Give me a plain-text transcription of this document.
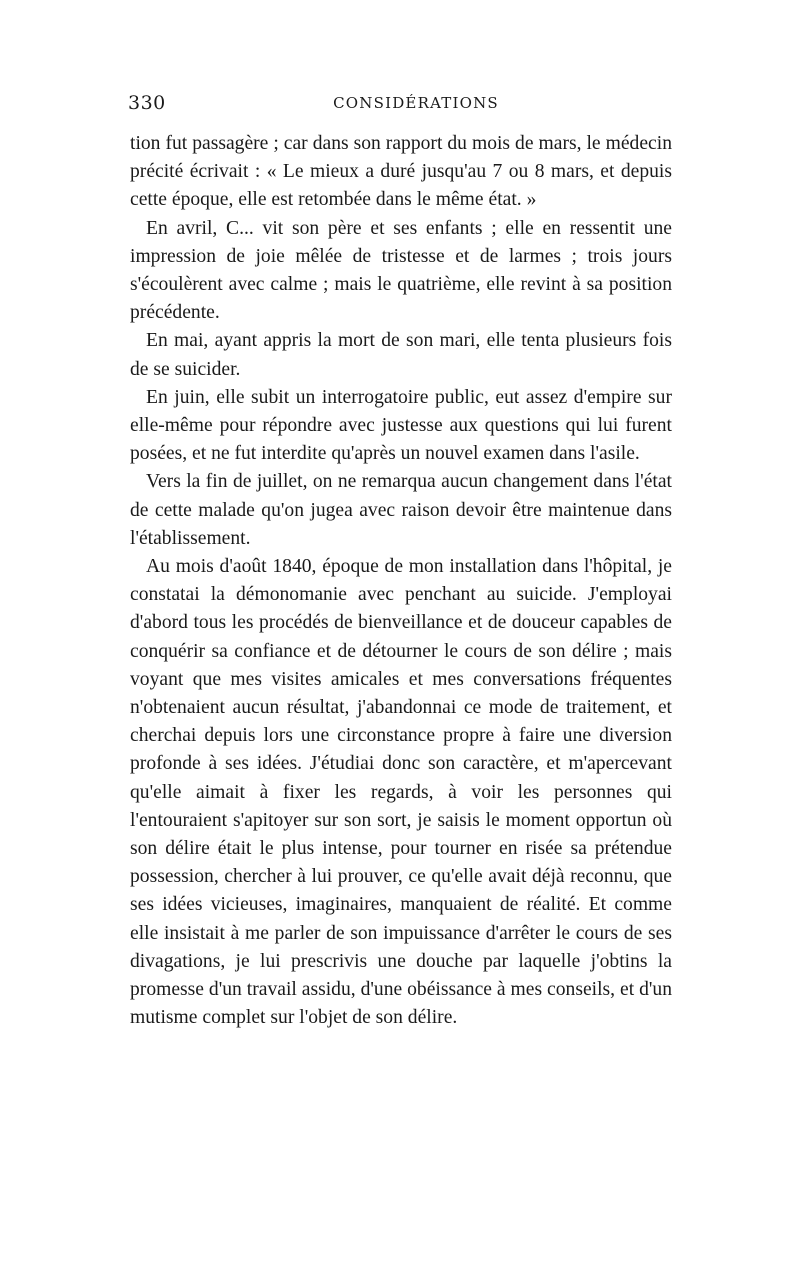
330	CONSIDÉRATIONS

tion fut passagère ; car dans son rapport du mois de mars, le médecin précité écrivait : « Le mieux a duré jusqu'au 7 ou 8 mars, et depuis cette époque, elle est retombée dans le même état. »

En avril, C... vit son père et ses enfants ; elle en ressentit une impression de joie mêlée de tristesse et de larmes ; trois jours s'écoulèrent avec calme ; mais le quatrième, elle revint à sa position précédente.

En mai, ayant appris la mort de son mari, elle tenta plusieurs fois de se suicider.

En juin, elle subit un interrogatoire public, eut assez d'empire sur elle-même pour répondre avec justesse aux questions qui lui furent posées, et ne fut interdite qu'après un nouvel examen dans l'asile.

Vers la fin de juillet, on ne remarqua aucun changement dans l'état de cette malade qu'on jugea avec raison devoir être maintenue dans l'établissement.

Au mois d'août 1840, époque de mon installation dans l'hôpital, je constatai la démonomanie avec penchant au suicide. J'employai d'abord tous les procédés de bienveillance et de douceur capables de conquérir sa confiance et de détourner le cours de son délire ; mais voyant que mes visites amicales et mes conversations fréquentes n'obtenaient aucun résultat, j'abandonnai ce mode de traitement, et cherchai depuis lors une circonstance propre à faire une diversion profonde à ses idées. J'étudiai donc son caractère, et m'apercevant qu'elle aimait à fixer les regards, à voir les personnes qui l'entouraient s'apitoyer sur son sort, je saisis le moment opportun où son délire était le plus intense, pour tourner en risée sa prétendue possession, chercher à lui prouver, ce qu'elle avait déjà reconnu, que ses idées vicieuses, imaginaires, manquaient de réalité. Et comme elle insistait à me parler de son impuissance d'arrêter le cours de ses divagations, je lui prescrivis une douche par laquelle j'obtins la promesse d'un travail assidu, d'une obéissance à mes conseils, et d'un mutisme complet sur l'objet de son délire.
